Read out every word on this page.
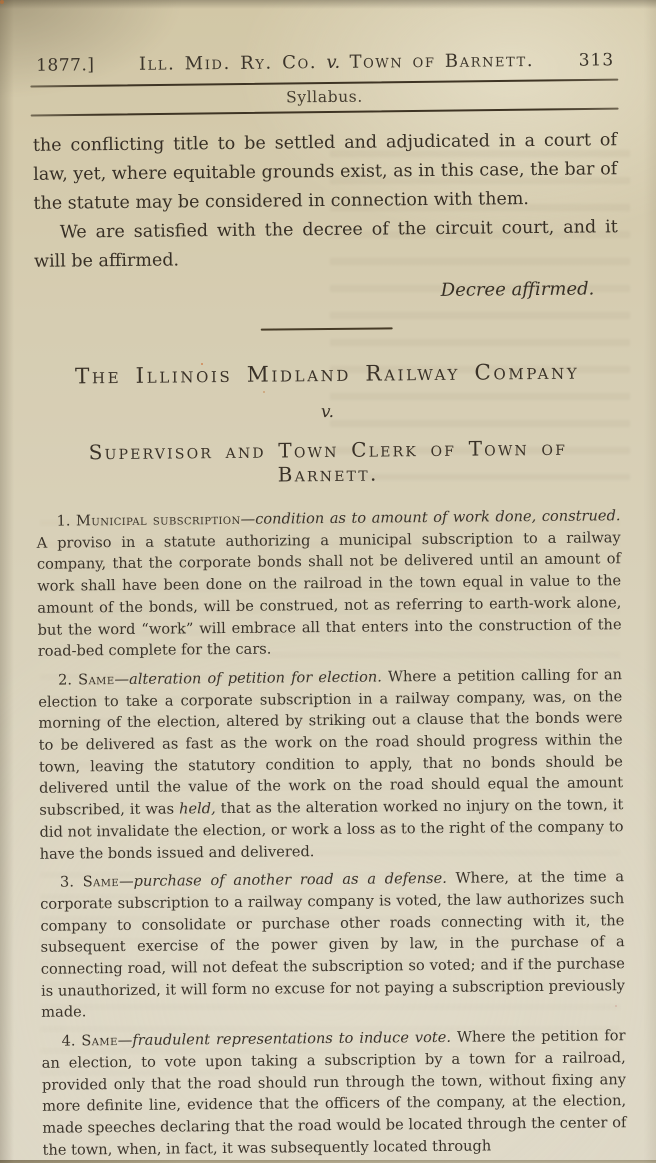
1877.] Ill. Mid. Ry. Co. v. Town of Barnett.	313
Syllabus.

the conflicting title to be settled and adjudicated in a court of law, yet, where equitable grounds exist, as in this case, the bar of the statute may be considered in connection with them.

We are satisfied with the decree of the circuit court, and it will be affirmed.

Decree affirmed.
The Illinois Midland Railway Company
v.
Supervisor and Town Clerk of Town of Barnett.

1. Municipal subscription—condition as to amount of work done, construed. A proviso in a statute authorizing a municipal subscription to a railway company, that the corporate bonds shall not be delivered until an amount of work shall have been done on the railroad in the town equal in value to the amount of the bonds, will be construed, not as referring to earth-work alone, but the word “work” will embrace all that enters into the construction of the road-bed complete for the cars.

2. Same—alteration of petition for election. Where a petition calling for an election to take a corporate subscription in a railway company, was, on the morning of the election, altered by striking out a clause that the bonds were to be delivered as fast as the work on the road should progress within the town, leaving the statutory condition to apply, that no bonds should be delivered until the value of the work on the road should equal the amount subscribed, it was held, that as the alteration worked no injury on the town, it did not invalidate the election, or work a loss as to the right of the company to have the bonds issued and delivered.

3. Same—purchase of another road as a defense. Where, at the time a corporate subscription to a railway company is voted, the law authorizes such company to consolidate or purchase other roads connecting with it, the subsequent exercise of the power given by law, in the purchase of a connecting road, will not defeat the subscription so voted; and if the purchase is unauthorized, it will form no excuse for not paying a subscription previously made.

4. Same—fraudulent representations to induce vote. Where the petition for an election, to vote upon taking a subscription by a town for a railroad, provided only that the road should run through the town, without fixing any more definite line, evidence that the officers of the company, at the election, made speeches declaring that the road would be located through the center of the town, when, in fact, it was subsequently located through
